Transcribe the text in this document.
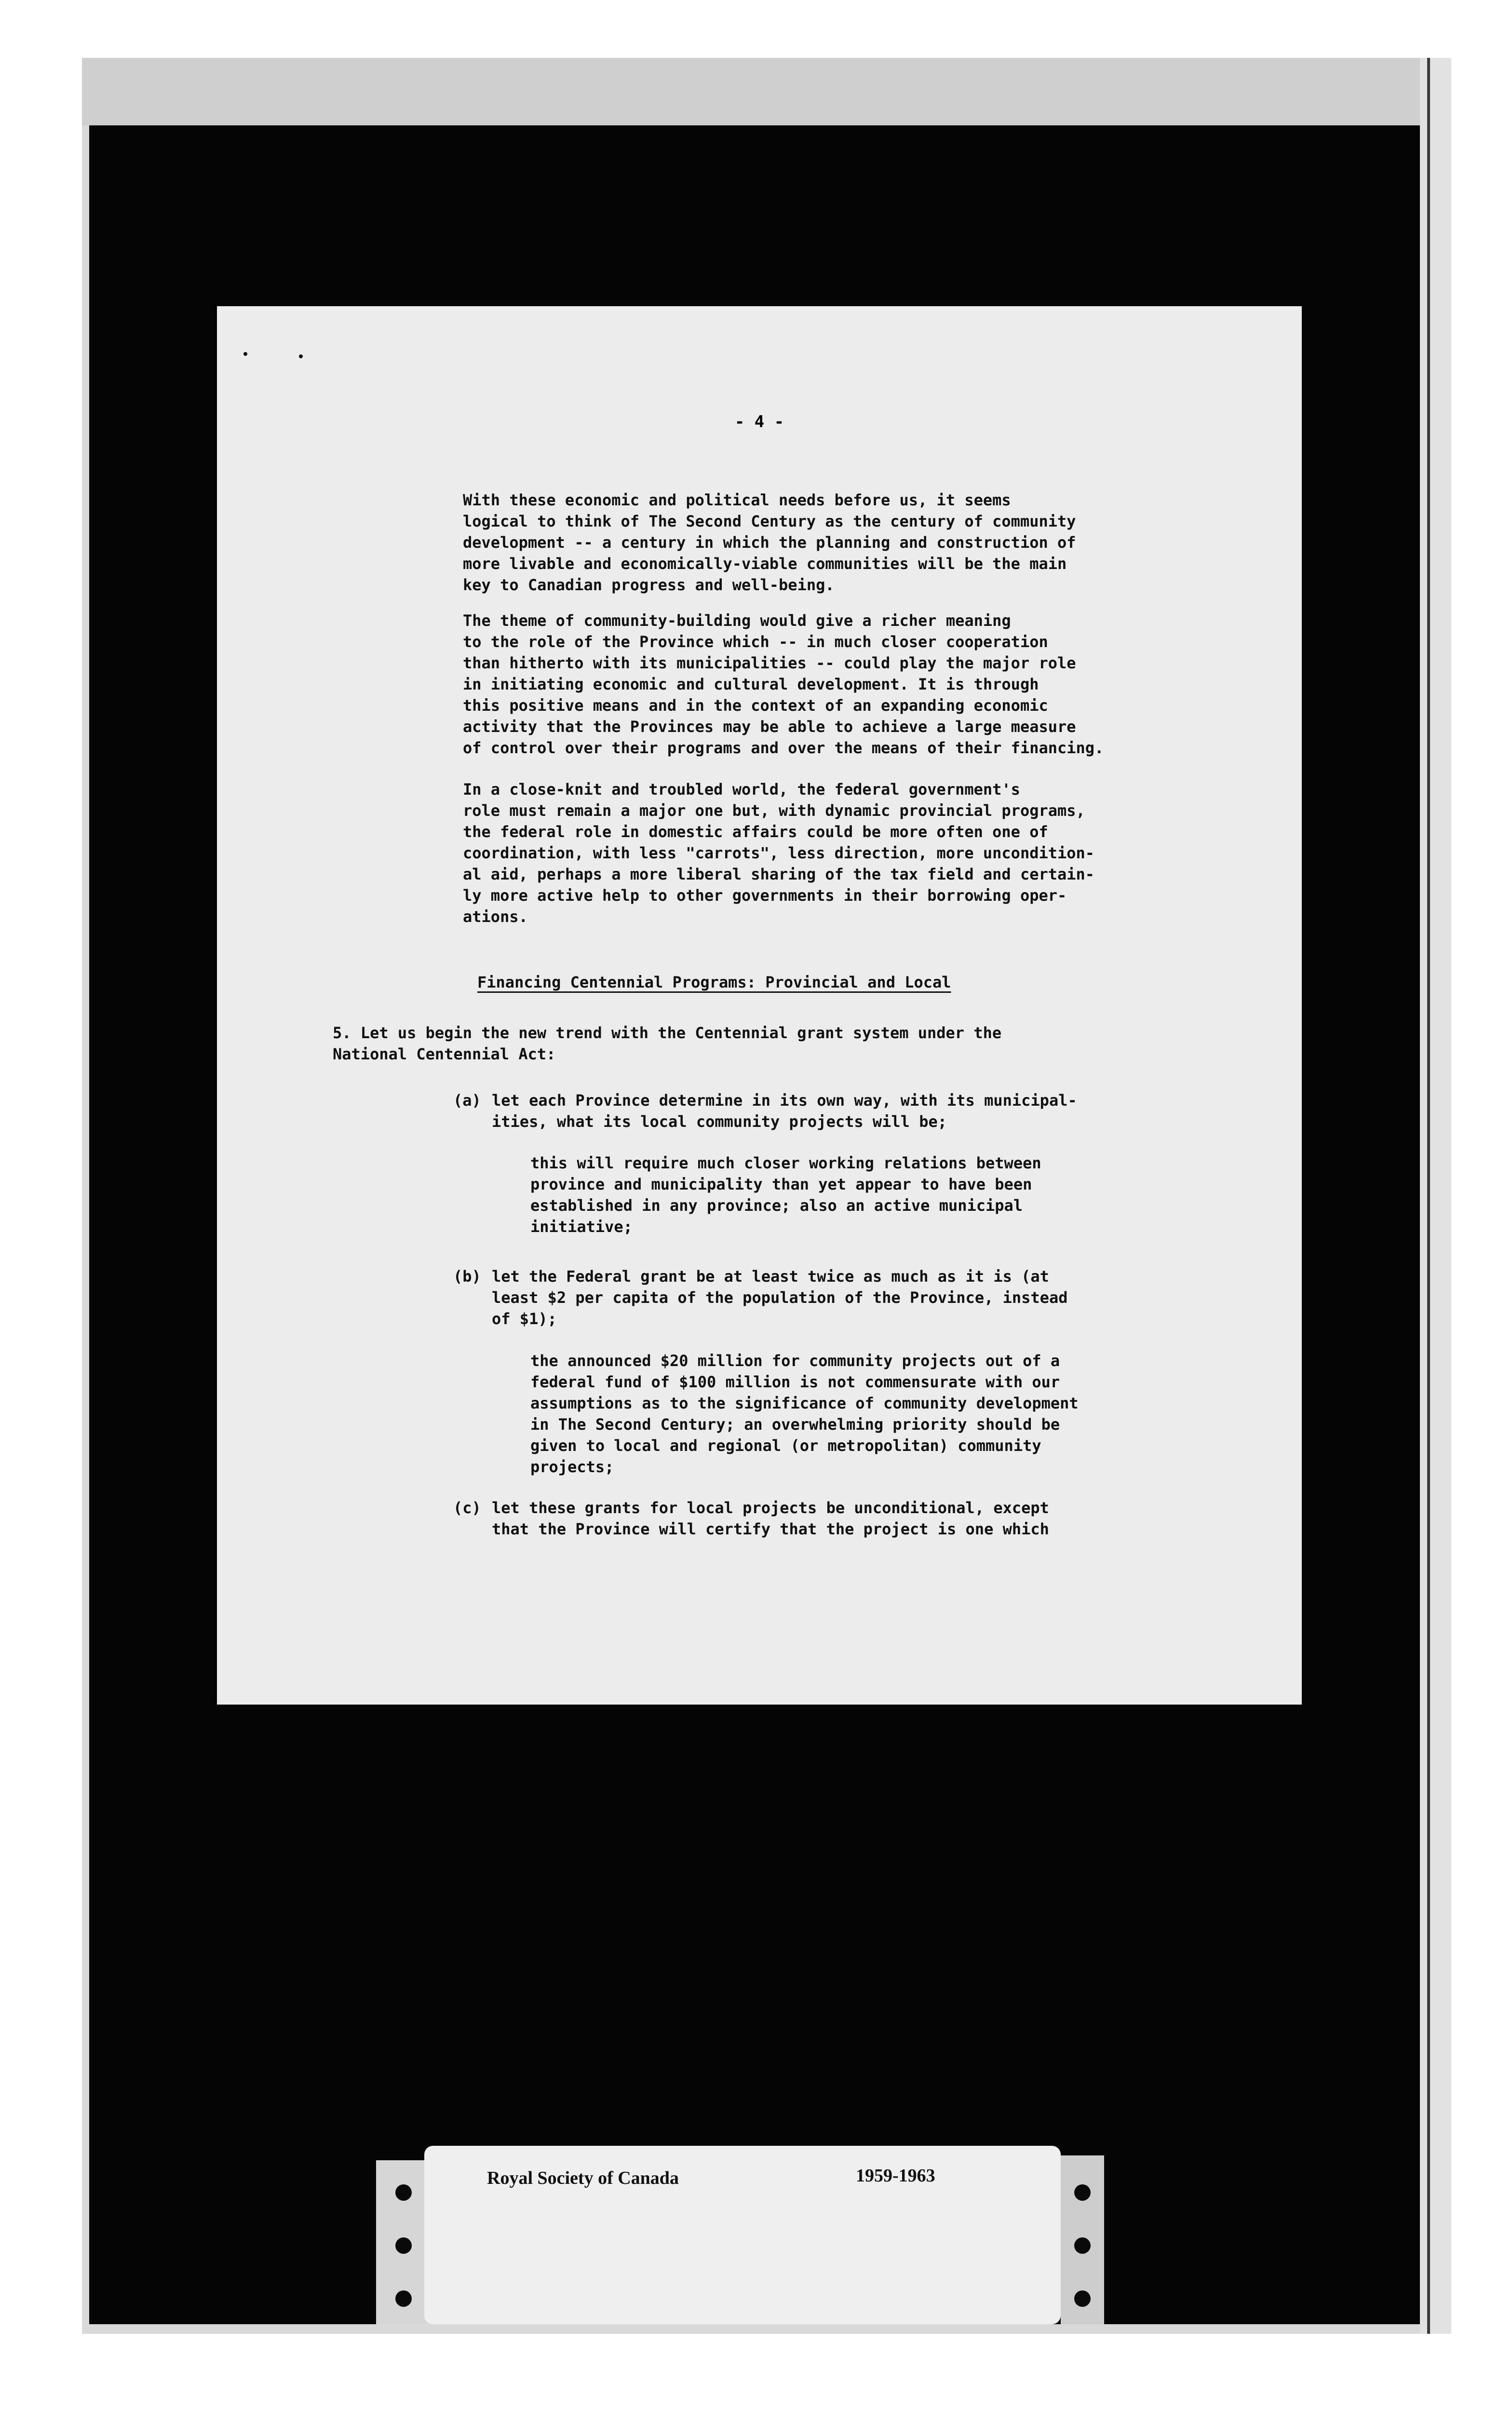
- 4 -
With these economic and political needs before us, it seems
logical to think of The Second Century as the century of community
development -- a century in which the planning and construction of
more livable and economically-viable communities will be the main
key to Canadian progress and well-being.
The theme of community-building would give a richer meaning
to the role of the Province which -- in much closer cooperation
than hitherto with its municipalities -- could play the major role
in initiating economic and cultural development. It is through
this positive means and in the context of an expanding economic
activity that the Provinces may be able to achieve a large measure
of control over their programs and over the means of their financing.
In a close-knit and troubled world, the federal government's
role must remain a major one but, with dynamic provincial programs,
the federal role in domestic affairs could be more often one of
coordination, with less "carrots", less direction, more uncondition-
al aid, perhaps a more liberal sharing of the tax field and certain-
ly more active help to other governments in their borrowing oper-
ations.
Financing Centennial Programs: Provincial and Local
5. Let us begin the new trend with the Centennial grant system under the
National Centennial Act:
(a) let each Province determine in its own way, with its municipal-
ities, what its local community projects will be;
this will require much closer working relations between
province and municipality than yet appear to have been
established in any province; also an active municipal
initiative;
(b) let the Federal grant be at least twice as much as it is (at
least $2 per capita of the population of the Province, instead
of $1);
the announced $20 million for community projects out of a
federal fund of $100 million is not commensurate with our
assumptions as to the significance of community development
in The Second Century; an overwhelming priority should be
given to local and regional (or metropolitan) community
projects;
(c) let these grants for local projects be unconditional, except
that the Province will certify that the project is one which
Royal Society of Canada	1959-1963
